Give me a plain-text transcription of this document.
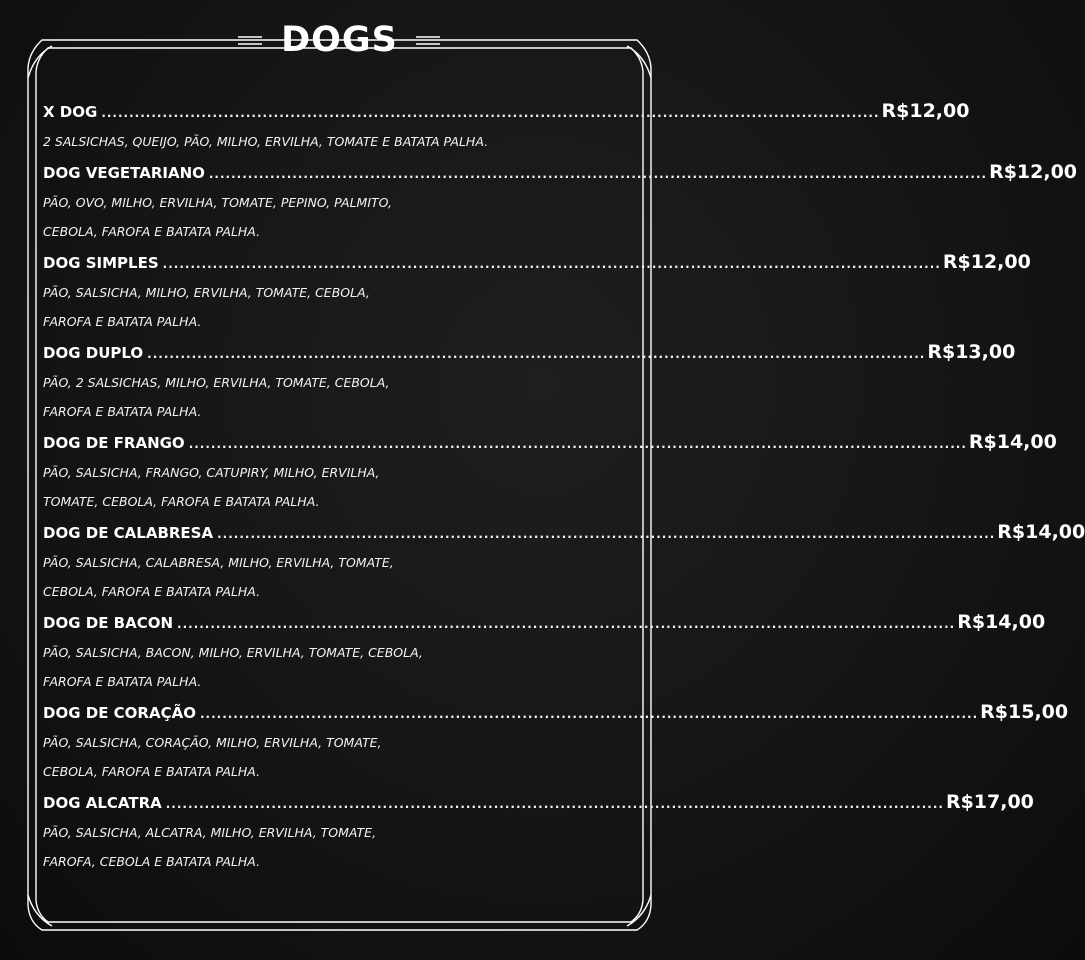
DOGS
X DOG ............................................................................................................................................ R$12,00
2 SALSICHAS, QUEIJO, PÃO, MILHO, ERVILHA, TOMATE E BATATA PALHA.
DOG VEGETARIANO ............................................................................................................................................ R$12,00
PÃO, OVO, MILHO, ERVILHA, TOMATE, PEPINO, PALMITO,
CEBOLA, FAROFA E BATATA PALHA.
DOG SIMPLES ............................................................................................................................................ R$12,00
PÃO, SALSICHA, MILHO, ERVILHA, TOMATE, CEBOLA,
FAROFA E BATATA PALHA.
DOG DUPLO ............................................................................................................................................ R$13,00
PÃO, 2 SALSICHAS, MILHO, ERVILHA, TOMATE, CEBOLA,
FAROFA E BATATA PALHA.
DOG DE FRANGO ............................................................................................................................................ R$14,00
PÃO, SALSICHA, FRANGO, CATUPIRY, MILHO, ERVILHA,
TOMATE, CEBOLA, FAROFA E BATATA PALHA.
DOG DE CALABRESA ............................................................................................................................................ R$14,00
PÃO, SALSICHA, CALABRESA, MILHO, ERVILHA, TOMATE,
CEBOLA, FAROFA E BATATA PALHA.
DOG DE BACON ............................................................................................................................................ R$14,00
PÃO, SALSICHA, BACON, MILHO, ERVILHA, TOMATE, CEBOLA,
FAROFA E BATATA PALHA.
DOG DE CORAÇÃO ............................................................................................................................................ R$15,00
PÃO, SALSICHA, CORAÇÃO, MILHO, ERVILHA, TOMATE,
CEBOLA, FAROFA E BATATA PALHA.
DOG ALCATRA ............................................................................................................................................ R$17,00
PÃO, SALSICHA, ALCATRA, MILHO, ERVILHA, TOMATE,
FAROFA, CEBOLA E BATATA PALHA.
